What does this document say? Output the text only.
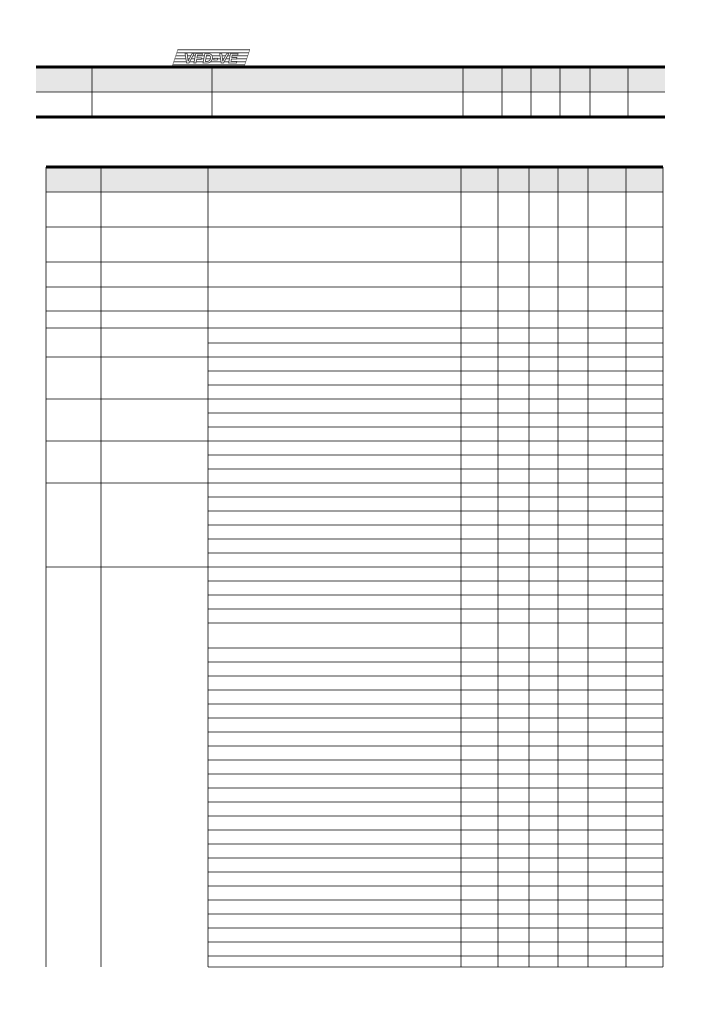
VFD-VE
